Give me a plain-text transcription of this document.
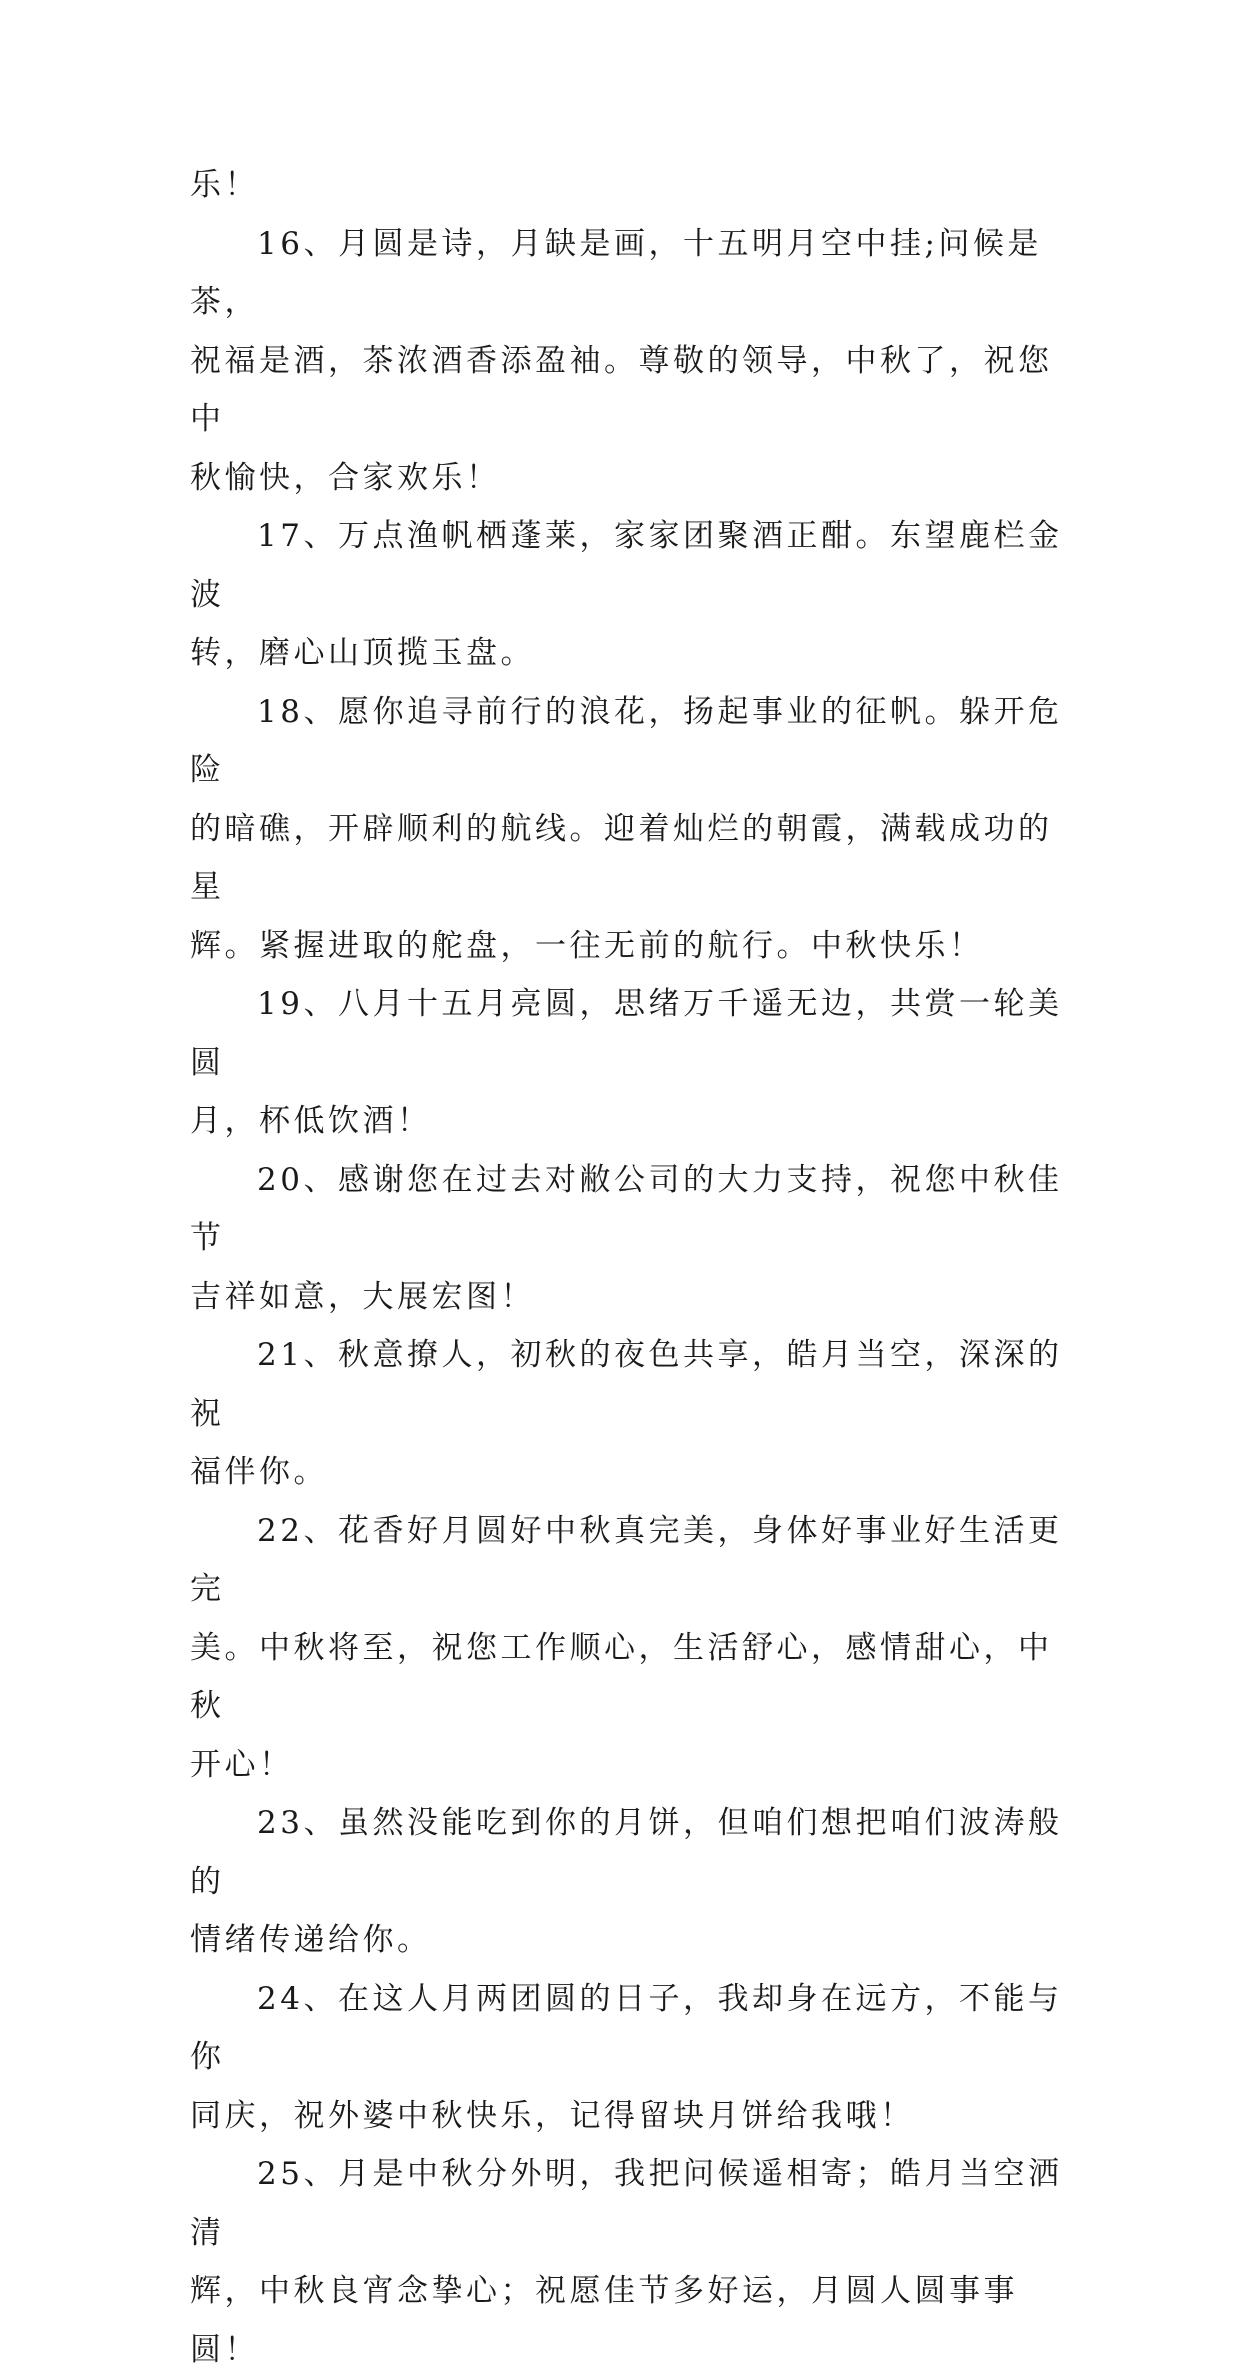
乐！

16、月圆是诗，月缺是画，十五明月空中挂;问候是茶，
祝福是酒，茶浓酒香添盈袖。尊敬的领导，中秋了，祝您中
秋愉快，合家欢乐！

17、万点渔帆栖蓬莱，家家团聚酒正酣。东望鹿栏金波
转，磨心山顶揽玉盘。

18、愿你追寻前行的浪花，扬起事业的征帆。躲开危险
的暗礁，开辟顺利的航线。迎着灿烂的朝霞，满载成功的星
辉。紧握进取的舵盘，一往无前的航行。中秋快乐！

19、八月十五月亮圆，思绪万千遥无边，共赏一轮美圆
月，杯低饮酒！

20、感谢您在过去对敝公司的大力支持，祝您中秋佳节
吉祥如意，大展宏图！

21、秋意撩人，初秋的夜色共享，皓月当空，深深的祝
福伴你。

22、花香好月圆好中秋真完美，身体好事业好生活更完
美。中秋将至，祝您工作顺心，生活舒心，感情甜心，中秋
开心！

23、虽然没能吃到你的月饼，但咱们想把咱们波涛般的
情绪传递给你。

24、在这人月两团圆的日子，我却身在远方，不能与你
同庆，祝外婆中秋快乐，记得留块月饼给我哦！

25、月是中秋分外明，我把问候遥相寄；皓月当空洒清
辉，中秋良宵念挚心；祝愿佳节多好运，月圆人圆事事圆！
